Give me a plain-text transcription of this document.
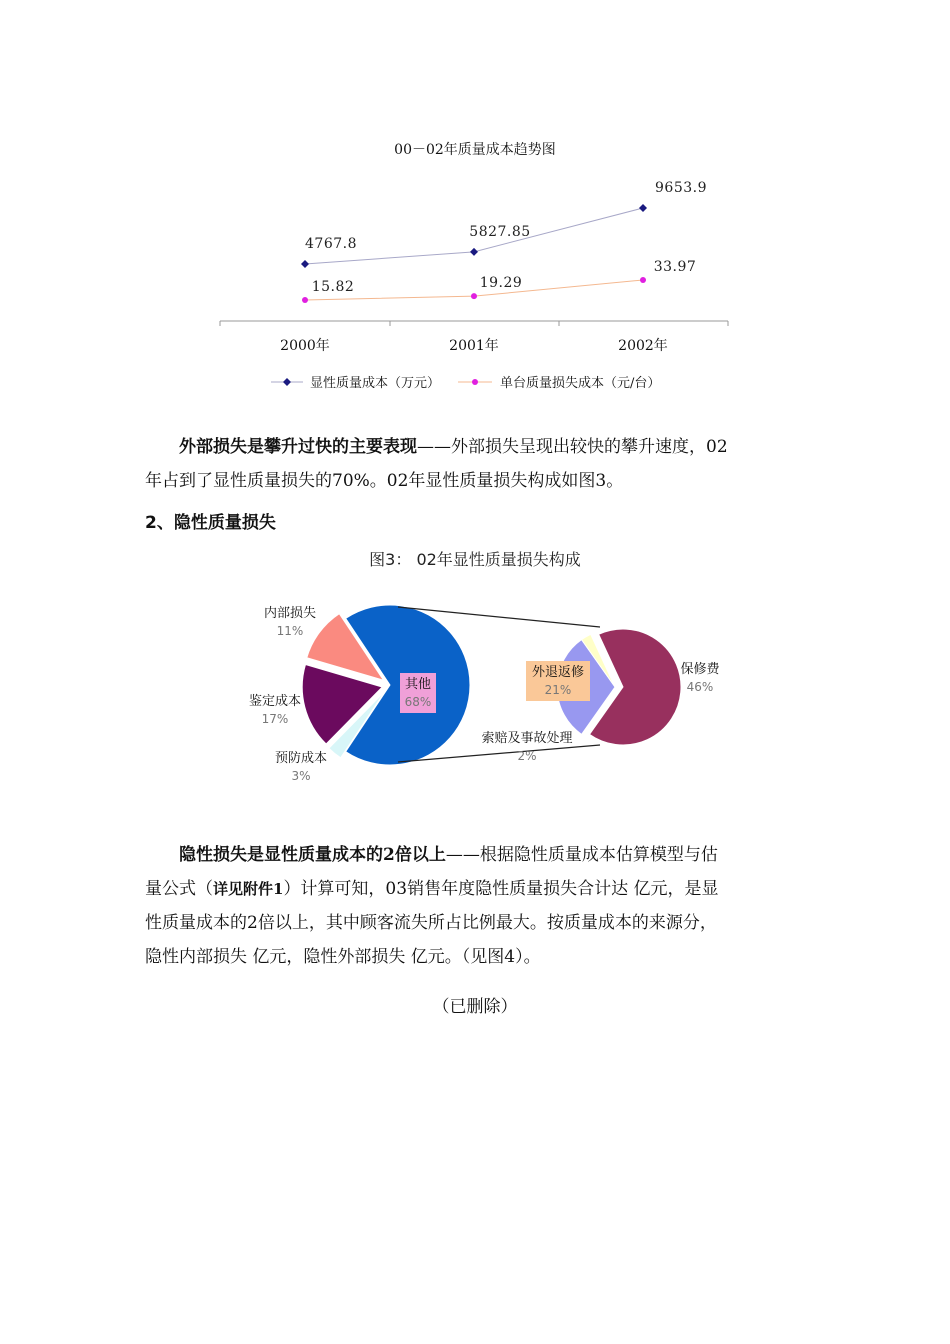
00－02年质量成本趋势图
2000年	2001年	2002年
4767.8
5827.85
9653.9
15.82	19.29
33.97
显性质量成本（万元）	单台质量损失成本（元/台）
外部损失是攀升过快的主要表现——外部损失呈现出较快的攀升速度，02
年占到了显性质量损失的70%。02年显性质量损失构成如图3。
2、隐性质量损失
图3： 02年显性质量损失构成
其他
68%
预防成本
3%
鉴定成本
17%
内部损失
11%
保修费
46%
外退返修
21%
索赔及事故处理
2%
隐性损失是显性质量成本的2倍以上——根据隐性质量成本估算模型与估
量公式（详见附件1）计算可知，03销售年度隐性质量损失合计达 亿元，是显
性质量成本的2倍以上，其中顾客流失所占比例最大。按质量成本的来源分，
隐性内部损失 亿元，隐性外部损失 亿元。（见图4）。
（已删除）
